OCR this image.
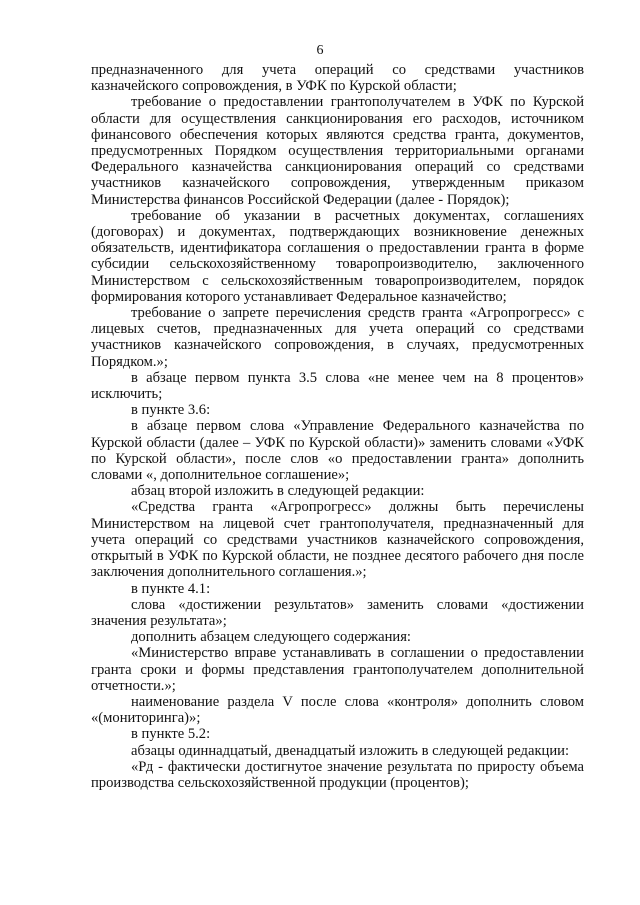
6

предназначенного для учета операций со средствами участников казначейского сопровождения, в УФК по Курской области;

требование о предоставлении грантополучателем в УФК по Курской области для осуществления санкционирования его расходов, источником финансового обеспечения которых являются средства гранта, документов, предусмотренных Порядком осуществления территориальными органами Федерального казначейства санкционирования операций со средствами участников казначейского сопровождения, утвержденным приказом Министерства финансов Российской Федерации (далее - Порядок);

требование об указании в расчетных документах, соглашениях (договорах) и документах, подтверждающих возникновение денежных обязательств, идентификатора соглашения о предоставлении гранта в форме субсидии сельскохозяйственному товаропроизводителю, заключенного Министерством с сельскохозяйственным товаропроизводителем, порядок формирования которого устанавливает Федеральное казначейство;

требование о запрете перечисления средств гранта «Агропрогресс» с лицевых счетов, предназначенных для учета операций со средствами участников казначейского сопровождения, в случаях, предусмотренных Порядком.»;

в абзаце первом пункта 3.5 слова «не менее чем на 8 процентов» исключить;

в пункте 3.6:

в абзаце первом слова «Управление Федерального казначейства по Курской области (далее – УФК по Курской области)» заменить словами «УФК по Курской области», после слов «о предоставлении гранта» дополнить словами «, дополнительное соглашение»;

абзац второй изложить в следующей редакции:

«Средства гранта «Агропрогресс» должны быть перечислены Министерством на лицевой счет грантополучателя, предназначенный для учета операций со средствами участников казначейского сопровождения, открытый в УФК по Курской области, не позднее десятого рабочего дня после заключения дополнительного соглашения.»;

в пункте 4.1:

слова «достижении результатов» заменить словами «достижении значения результата»;

дополнить абзацем следующего содержания:

«Министерство вправе устанавливать в соглашении о предоставлении гранта сроки и формы представления грантополучателем дополнительной отчетности.»;

наименование раздела V после слова «контроля» дополнить словом «(мониторинга)»;

в пункте 5.2:

абзацы одиннадцатый, двенадцатый изложить в следующей редакции:

«Рд - фактически достигнутое значение результата по приросту объема производства сельскохозяйственной продукции (процентов);
